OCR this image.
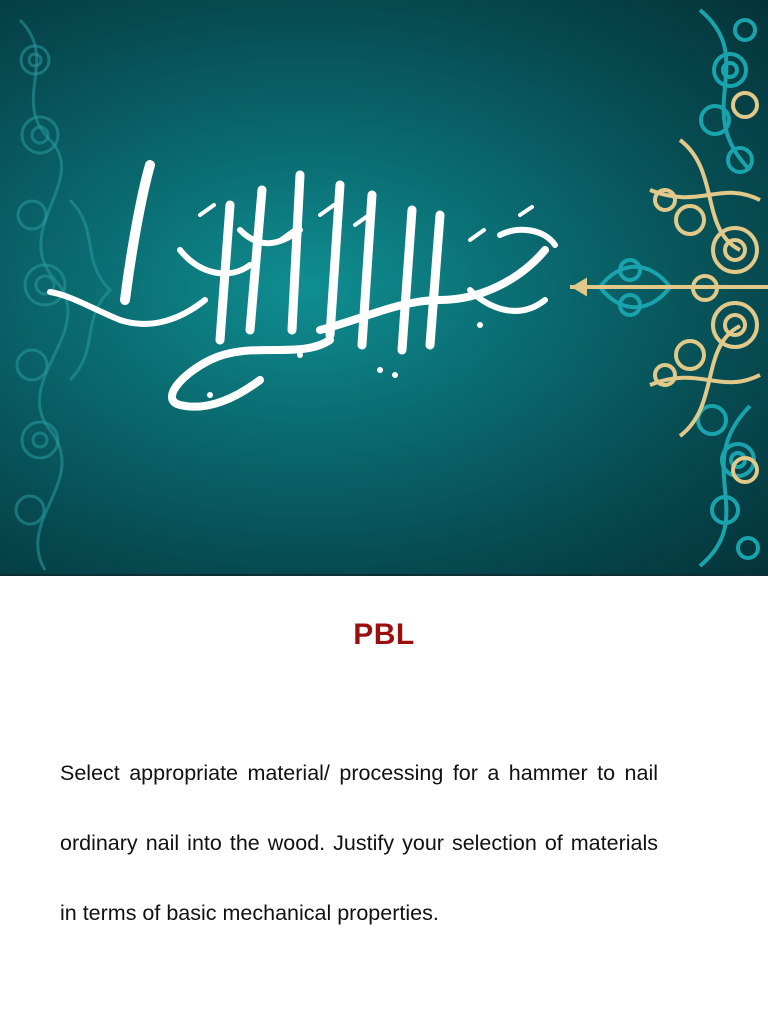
PBL
Select appropriate material/ processing for a hammer to nail ordinary nail into the wood. Justify your selection of materials in terms of basic mechanical properties.
